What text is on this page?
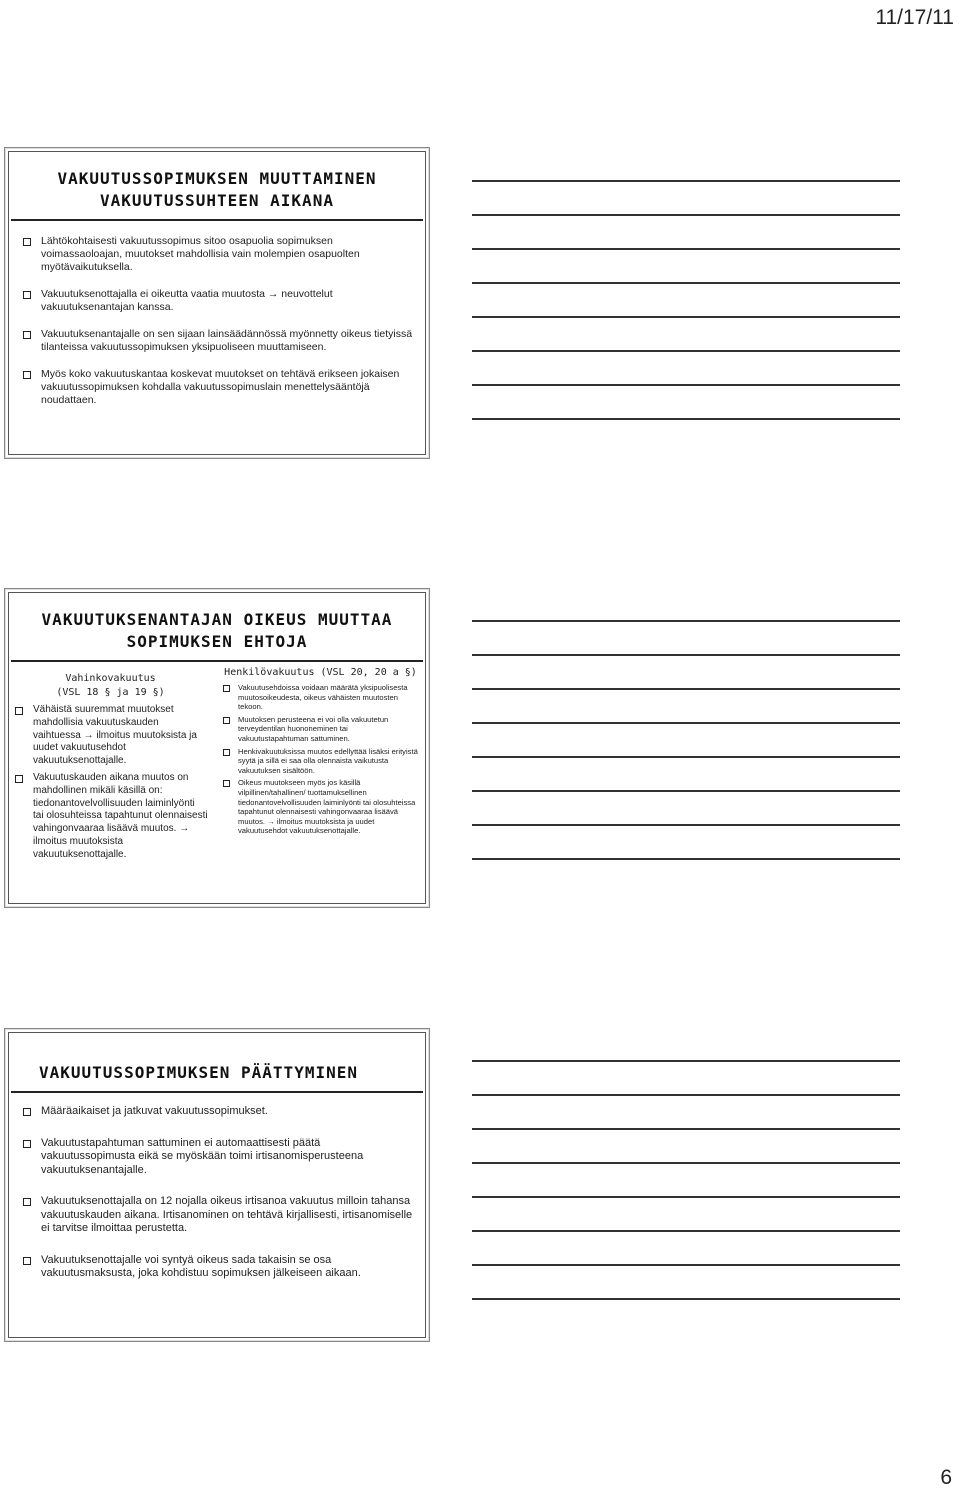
11/17/11
VAKUUTUSSOPIMUKSEN MUUTTAMINEN
VAKUUTUSSUHTEEN AIKANA
Lähtökohtaisesti vakuutussopimus sitoo osapuolia sopimuksen voimassaoloajan, muutokset mahdollisia vain molempien osapuolten myötävaikutuksella.
Vakuutuksenottajalla ei oikeutta vaatia muutosta → neuvottelut vakuutuksenantajan kanssa.
Vakuutuksenantajalle on sen sijaan lainsäädännössä myönnetty oikeus tietyissä tilanteissa vakuutussopimuksen yksipuoliseen muuttamiseen.
Myös koko vakuutuskantaa koskevat muutokset on tehtävä erikseen jokaisen vakuutussopimuksen kohdalla vakuutussopimuslain menettelysääntöjä noudattaen.
VAKUUTUKSENANTAJAN OIKEUS MUUTTAA
SOPIMUKSEN EHTOJA
Vahinkovakuutus
(VSL 18 § ja 19 §)
Vähäistä suuremmat muutokset mahdollisia vakuutuskauden vaihtuessa → ilmoitus muutoksista ja uudet vakuutusehdot vakuutuksenottajalle.
Vakuutuskauden aikana muutos on mahdollinen mikäli käsillä on: tiedonantovelvollisuuden laiminlyönti tai olosuhteissa tapahtunut olennaisesti vahingonvaaraa lisäävä muutos. → ilmoitus muutoksista vakuutuksenottajalle.
Henkilövakuutus (VSL 20, 20 a §)
Vakuutusehdoissa voidaan määrätä yksipuolisesta muutosoikeudesta, oikeus vähäisten muutosten tekoon.
Muutoksen perusteena ei voi olla vakuutetun terveydentilan huononeminen tai vakuutustapahtuman sattuminen.
Henkivakuutuksissa muutos edellyttää lisäksi erityistä syytä ja sillä ei saa olla olennaista vaikutusta vakuutuksen sisältöön.
Oikeus muutokseen myös jos käsillä vilpillinen/tahallinen/ tuottamuksellinen tiedonantovelvollisuuden laiminlyönti tai olosuhteissa tapahtunut olennaisesti vahingonvaaraa lisäävä muutos. → ilmoitus muutoksista ja uudet vakuutusehdot vakuutuksenottajalle.
VAKUUTUSSOPIMUKSEN PÄÄTTYMINEN
Määräaikaiset ja jatkuvat vakuutussopimukset.
Vakuutustapahtuman sattuminen ei automaattisesti päätä vakuutussopimusta eikä se myöskään toimi irtisanomisperusteena vakuutuksenantajalle.
Vakuutuksenottajalla on 12 nojalla oikeus irtisanoa vakuutus milloin tahansa vakuutuskauden aikana. Irtisanominen on tehtävä kirjallisesti, irtisanomiselle ei tarvitse ilmoittaa perustetta.
Vakuutuksenottajalle voi syntyä oikeus sada takaisin se osa vakuutusmaksusta, joka kohdistuu sopimuksen jälkeiseen aikaan.
6
